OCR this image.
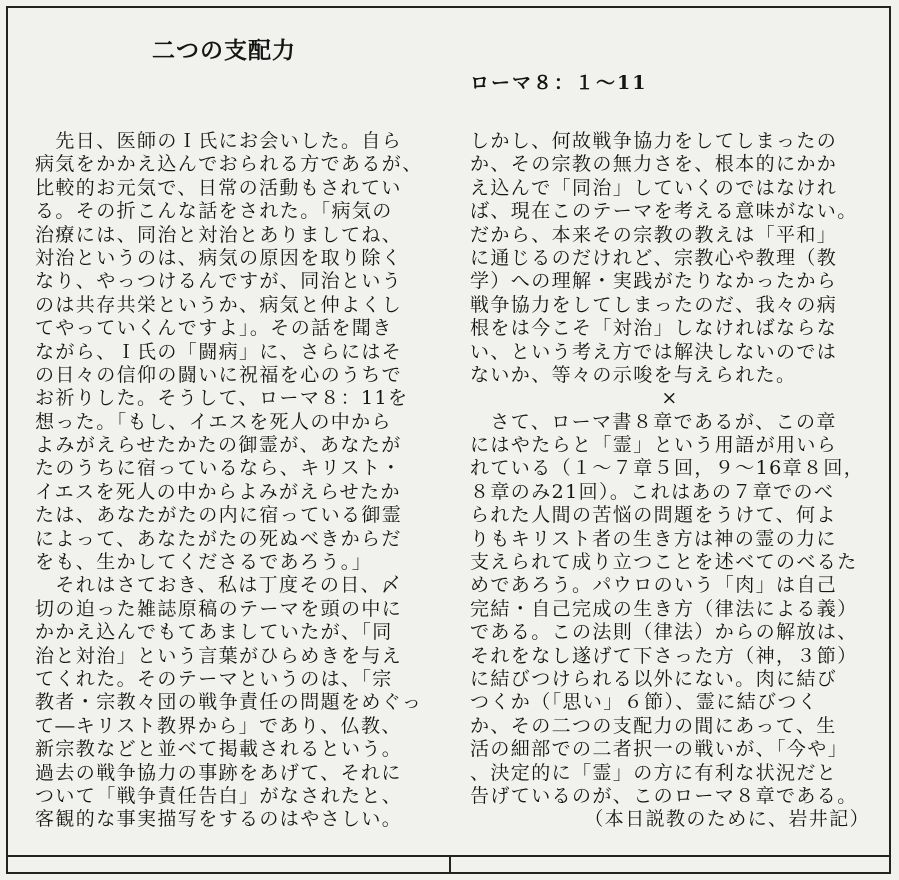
二つの支配力
ローマ８：１〜11
　先日、医師のＩ氏にお会いした。自ら
病気をかかえ込んでおられる方であるが、
比較的お元気で、日常の活動もされてい
る。その折こんな話をされた。「病気の
治療には、同治と対治とありましてね、
対治というのは、病気の原因を取り除く
なり、やっつけるんですが、同治という
のは共存共栄というか、病気と仲よくし
てやっていくんですよ」。その話を聞き
ながら、Ｉ氏の「闘病」に、さらにはそ
の日々の信仰の闘いに祝福を心のうちで
お祈りした。そうして、ローマ８：11を
想った。「もし、イエスを死人の中から
よみがえらせたかたの御霊が、あなたが
たのうちに宿っているなら、キリスト・
イエスを死人の中からよみがえらせたか
たは、あなたがたの内に宿っている御霊
によって、あなたがたの死ぬべきからだ
をも、生かしてくださるであろう。」
　それはさておき、私は丁度その日、〆
切の迫った雑誌原稿のテーマを頭の中に
かかえ込んでもてあましていたが、「同
治と対治」という言葉がひらめきを与え
てくれた。そのテーマというのは、「宗
教者・宗教々団の戦争責任の問題をめぐっ
て―キリスト教界から」であり、仏教、
新宗教などと並べて掲載されるという。
過去の戦争協力の事跡をあげて、それに
ついて「戦争責任告白」がなされたと、
客観的な事実描写をするのはやさしい。
しかし、何故戦争協力をしてしまったの
か、その宗教の無力さを、根本的にかか
え込んで「同治」していくのではなけれ
ば、現在このテーマを考える意味がない。
だから、本来その宗教の教えは「平和」
に通じるのだけれど、宗教心や教理（教
学）への理解・実践がたりなかったから
戦争協力をしてしまったのだ、我々の病
根をは今こそ「対治」しなければならな
い、という考え方では解決しないのでは
ないか、等々の示唆を与えられた。
×
　さて、ローマ書８章であるが、この章
にはやたらと「霊」という用語が用いら
れている（１〜７章５回，９〜16章８回，
８章のみ21回）。これはあの７章でのべ
られた人間の苦悩の問題をうけて、何よ
りもキリスト者の生き方は神の霊の力に
支えられて成り立つことを述べてのべるた
めであろう。パウロのいう「肉」は自己
完結・自己完成の生き方（律法による義）
である。この法則（律法）からの解放は、
それをなし遂げて下さった方（神，３節）
に結びつけられる以外にない。肉に結び
つくか（「思い」６節）、霊に結びつく
か、その二つの支配力の間にあって、生
活の細部での二者択一の戦いが、「今や」
、決定的に「霊」の方に有利な状況だと
告げているのが、このローマ８章である。
（本日説教のために、岩井記）
